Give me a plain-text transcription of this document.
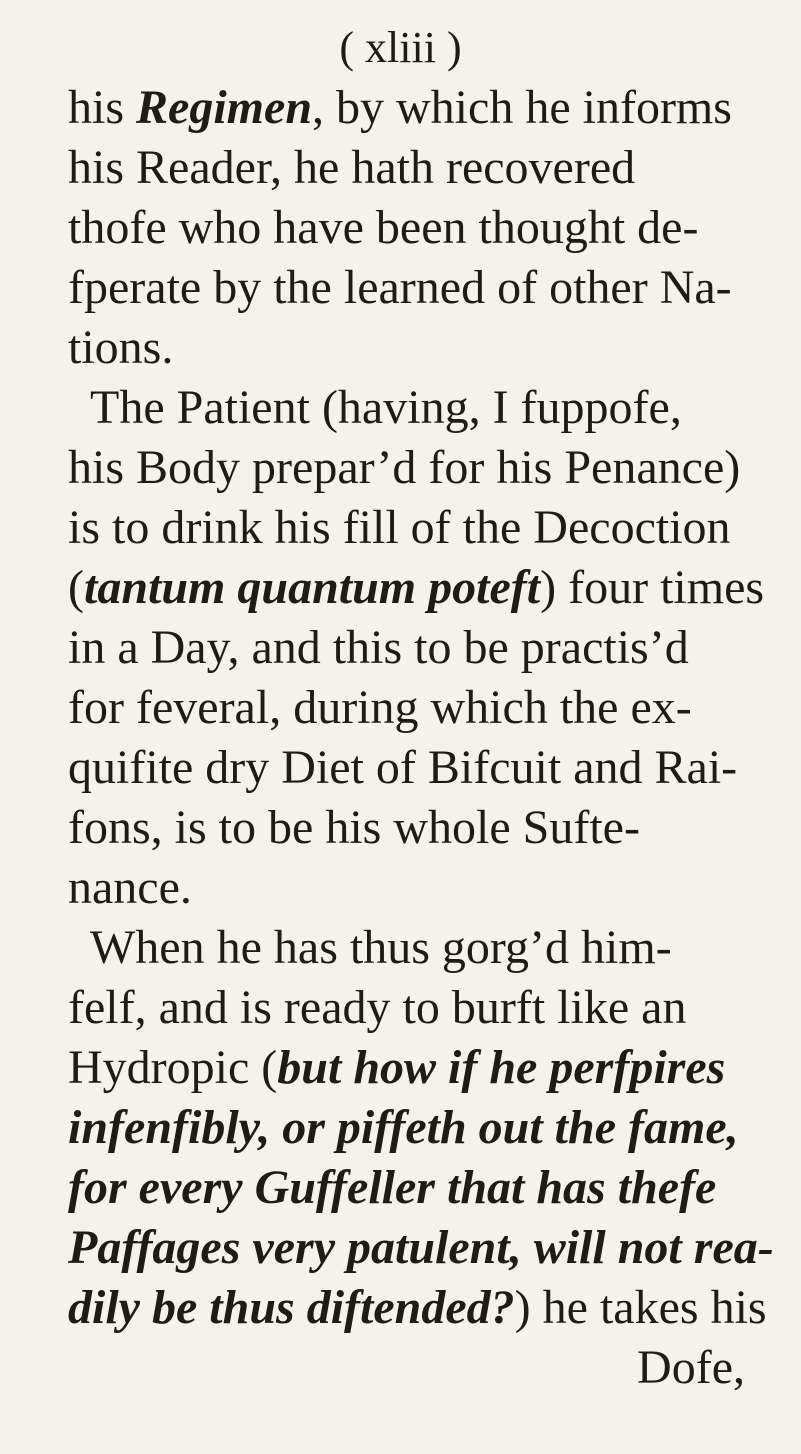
( xliii )
his Regimen, by which he informs
his Reader, he hath recovered
thofe who have been thought de-
fperate by the learned of other Na-
tions.
The Patient (having, I fuppofe,
his Body prepar’d for his Penance)
is to drink his fill of the Decoction
(tantum quantum poteft) four times
in a Day, and this to be practis’d
for feveral, during which the ex-
quifite dry Diet of Bifcuit and Rai-
fons, is to be his whole Sufte-
nance.
When he has thus gorg’d him-
felf, and is ready to burft like an
Hydropic (but how if he perfpires
infenfibly, or piffeth out the fame,
for every Guffeller that has thefe
Paffages very patulent, will not rea-
dily be thus diftended?) he takes his
Dofe,
